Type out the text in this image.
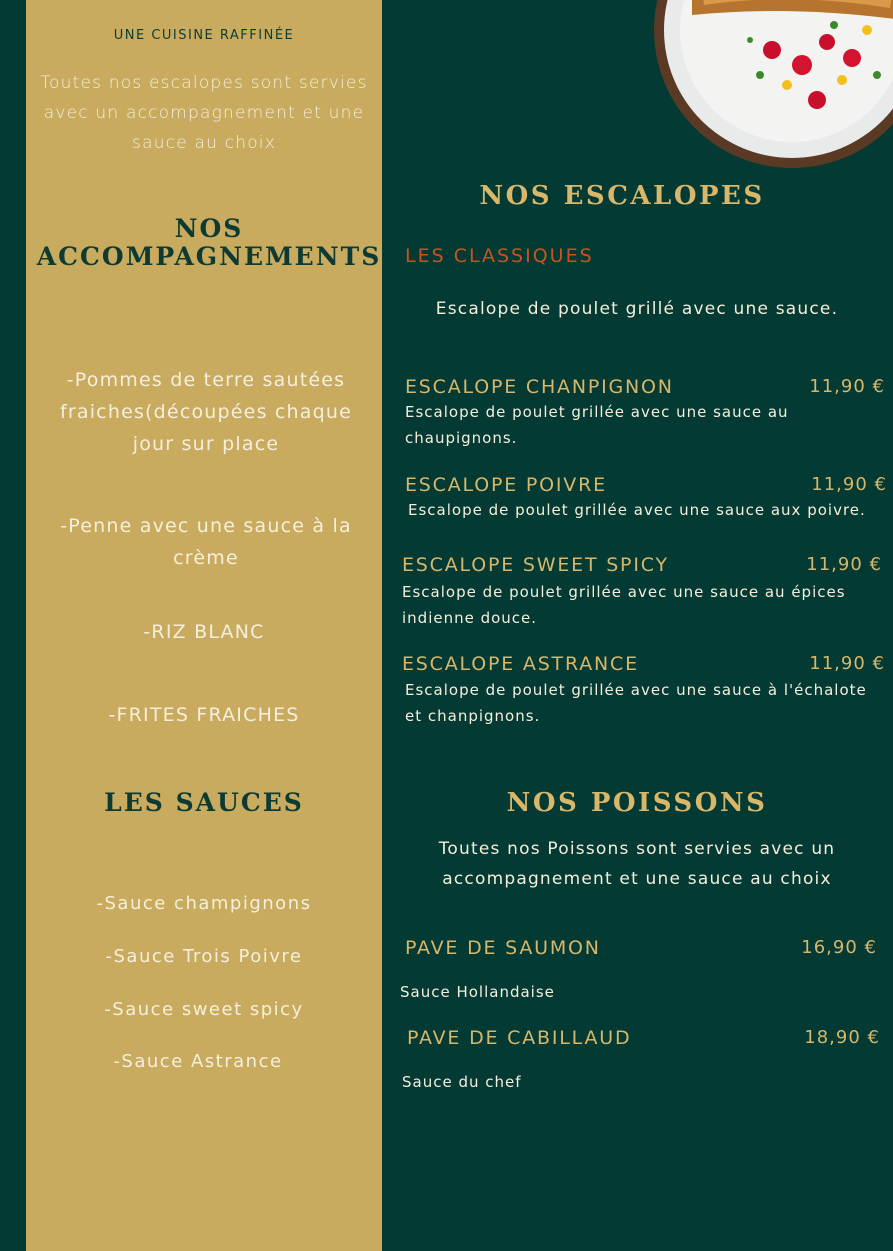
UNE CUISINE RAFFINÉE
Toutes nos escalopes sont servies avec un accompagnement et une sauce au choix
NOS
ACCOMPAGNEMENTS
-Pommes de terre sautées fraiches(découpées chaque jour sur place
-Penne avec une sauce à la crème
-RIZ BLANC
-FRITES FRAICHES
LES SAUCES
-Sauce champignons
-Sauce Trois Poivre
-Sauce sweet spicy
-Sauce Astrance
NOS ESCALOPES
LES CLASSIQUES
Escalope de poulet grillé avec une sauce.
ESCALOPE CHANPIGNON	11,90 €
Escalope de poulet grillée avec une sauce au chaupignons.
ESCALOPE POIVRE	11,90 €
Escalope de poulet grillée avec une sauce aux poivre.
ESCALOPE SWEET SPICY	11,90 €
Escalope de poulet grillée avec une sauce au épices indienne douce.
ESCALOPE ASTRANCE	11,90 €
Escalope de poulet grillée avec une sauce à l'échalote et chanpignons.
NOS POISSONS
Toutes nos Poissons sont servies avec un accompagnement et une sauce au choix
PAVE DE SAUMON	16,90 €
Sauce Hollandaise
PAVE DE CABILLAUD	18,90 €
Sauce du chef
